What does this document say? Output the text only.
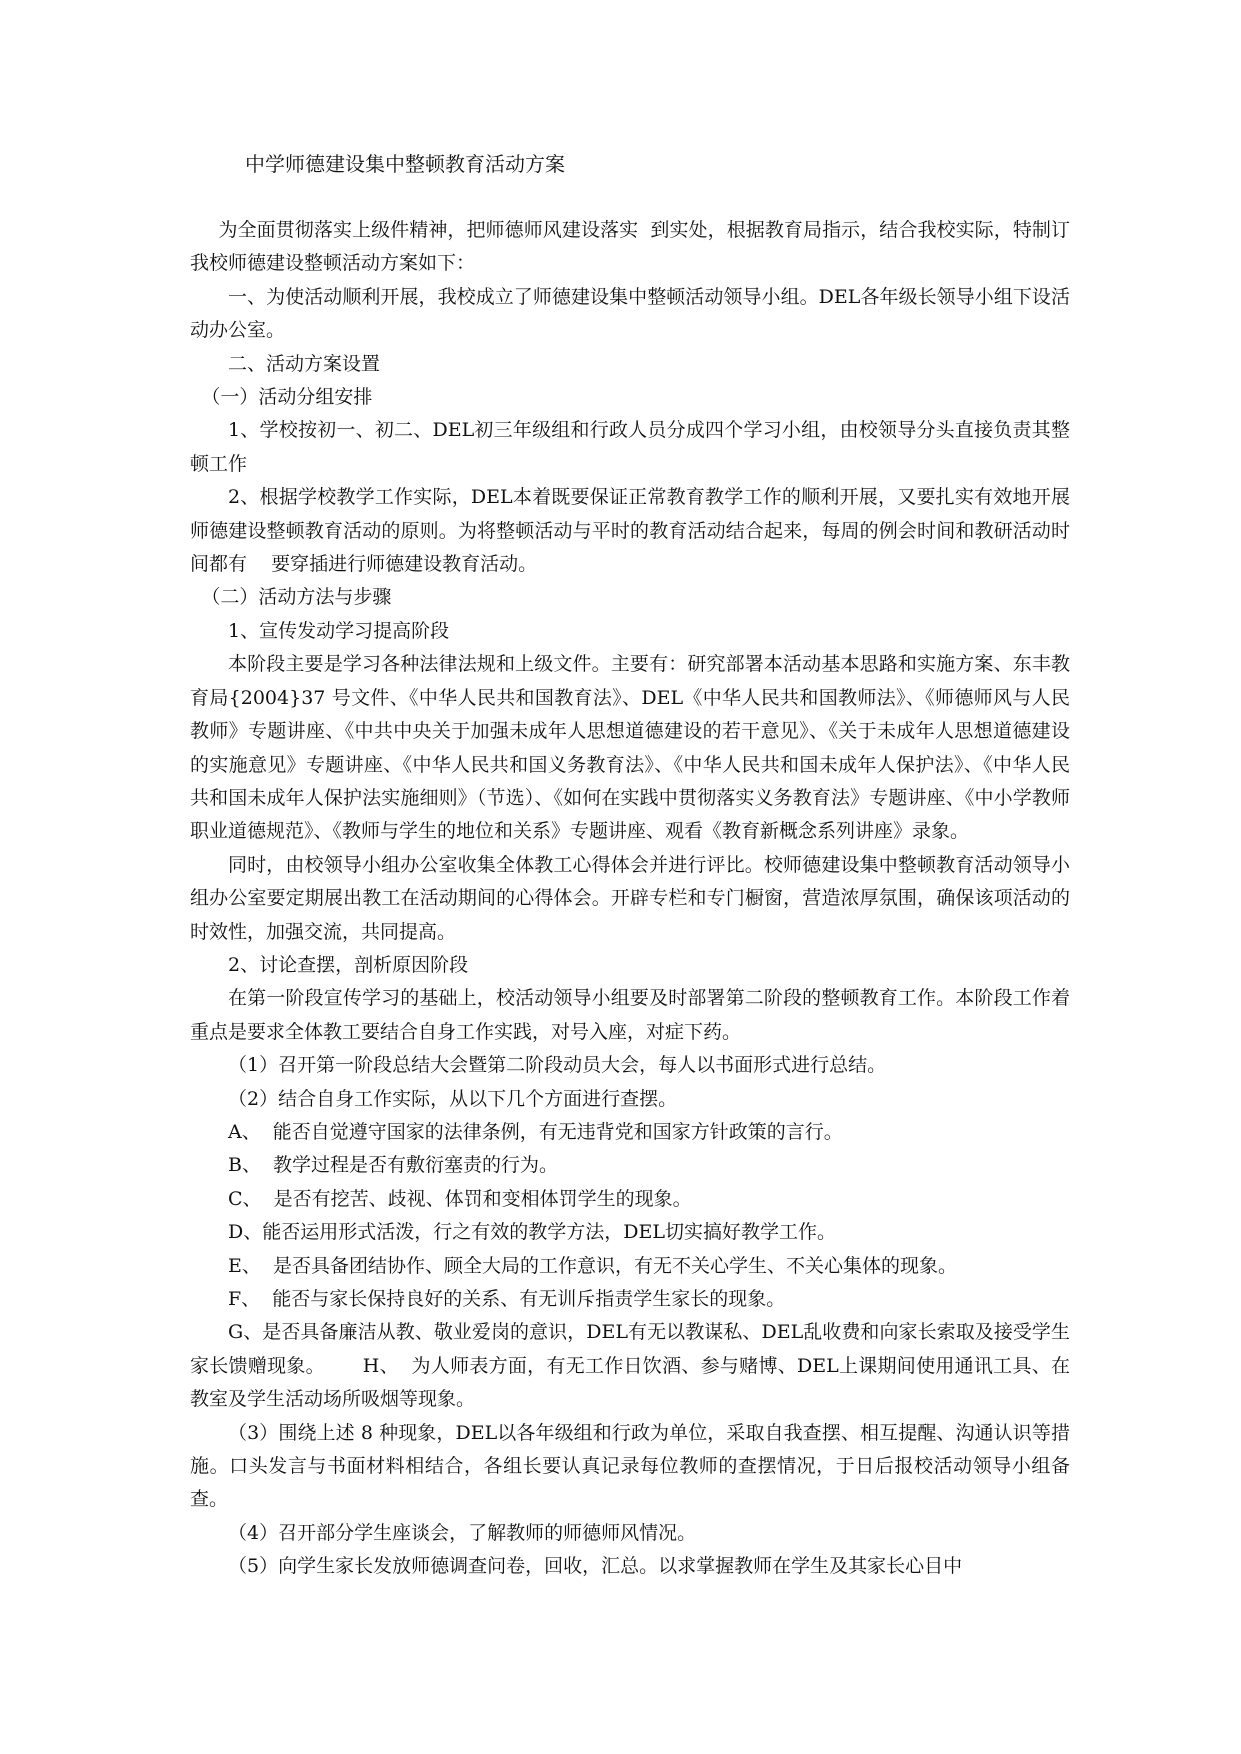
中学师德建设集中整顿教育活动方案

为全面贯彻落实上级件精神，把师德师风建设落实  到实处，根据教育局指示，结合我校实际，特制订我校师德建设整顿活动方案如下：

一、为使活动顺利开展，我校成立了师德建设集中整顿活动领导小组。DEL各年级长领导小组下设活动办公室。

二、活动方案设置

（一）活动分组安排

1、学校按初一、初二、DEL初三年级组和行政人员分成四个学习小组，由校领导分头直接负责其整顿工作

2、根据学校教学工作实际，DEL本着既要保证正常教育教学工作的顺利开展，又要扎实有效地开展师德建设整顿教育活动的原则。为将整顿活动与平时的教育活动结合起来，每周的例会时间和教研活动时间都有    要穿插进行师德建设教育活动。

（二）活动方法与步骤

1、宣传发动学习提高阶段

本阶段主要是学习各种法律法规和上级文件。主要有：研究部署本活动基本思路和实施方案、东丰教育局{2004}37 号文件、《中华人民共和国教育法》、DEL《中华人民共和国教师法》、《师德师风与人民教师》专题讲座、《中共中央关于加强未成年人思想道德建设的若干意见》、《关于未成年人思想道德建设的实施意见》专题讲座、《中华人民共和国义务教育法》、《中华人民共和国未成年人保护法》、《中华人民共和国未成年人保护法实施细则》（节选）、《如何在实践中贯彻落实义务教育法》专题讲座、《中小学教师职业道德规范》、《教师与学生的地位和关系》专题讲座、观看《教育新概念系列讲座》录象。

同时，由校领导小组办公室收集全体教工心得体会并进行评比。校师德建设集中整顿教育活动领导小组办公室要定期展出教工在活动期间的心得体会。开辟专栏和专门橱窗，营造浓厚氛围，确保该项活动的时效性，加强交流，共同提高。

2、讨论查摆，剖析原因阶段

在第一阶段宣传学习的基础上，校活动领导小组要及时部署第二阶段的整顿教育工作。本阶段工作着重点是要求全体教工要结合自身工作实践，对号入座，对症下药。

（1）召开第一阶段总结大会暨第二阶段动员大会，每人以书面形式进行总结。

（2）结合自身工作实际，从以下几个方面进行查摆。

A、  能否自觉遵守国家的法律条例，有无违背党和国家方针政策的言行。

B、  教学过程是否有敷衍塞责的行为。

C、  是否有挖苦、歧视、体罚和变相体罚学生的现象。

D、能否运用形式活泼，行之有效的教学方法，DEL切实搞好教学工作。

E、  是否具备团结协作、顾全大局的工作意识，有无不关心学生、不关心集体的现象。

F、  能否与家长保持良好的关系、有无训斥指责学生家长的现象。

G、是否具备廉洁从教、敬业爱岗的意识，DEL有无以教谋私、DEL乱收费和向家长索取及接受学生家长馈赠现象。      H、  为人师表方面，有无工作日饮酒、参与赌博、DEL上课期间使用通讯工具、在教室及学生活动场所吸烟等现象。

（3）围绕上述 8 种现象，DEL以各年级组和行政为单位，采取自我查摆、相互提醒、沟通认识等措施。口头发言与书面材料相结合，各组长要认真记录每位教师的查摆情况，于日后报校活动领导小组备查。

（4）召开部分学生座谈会，了解教师的师德师风情况。

（5）向学生家长发放师德调查问卷，回收，汇总。以求掌握教师在学生及其家长心目中
